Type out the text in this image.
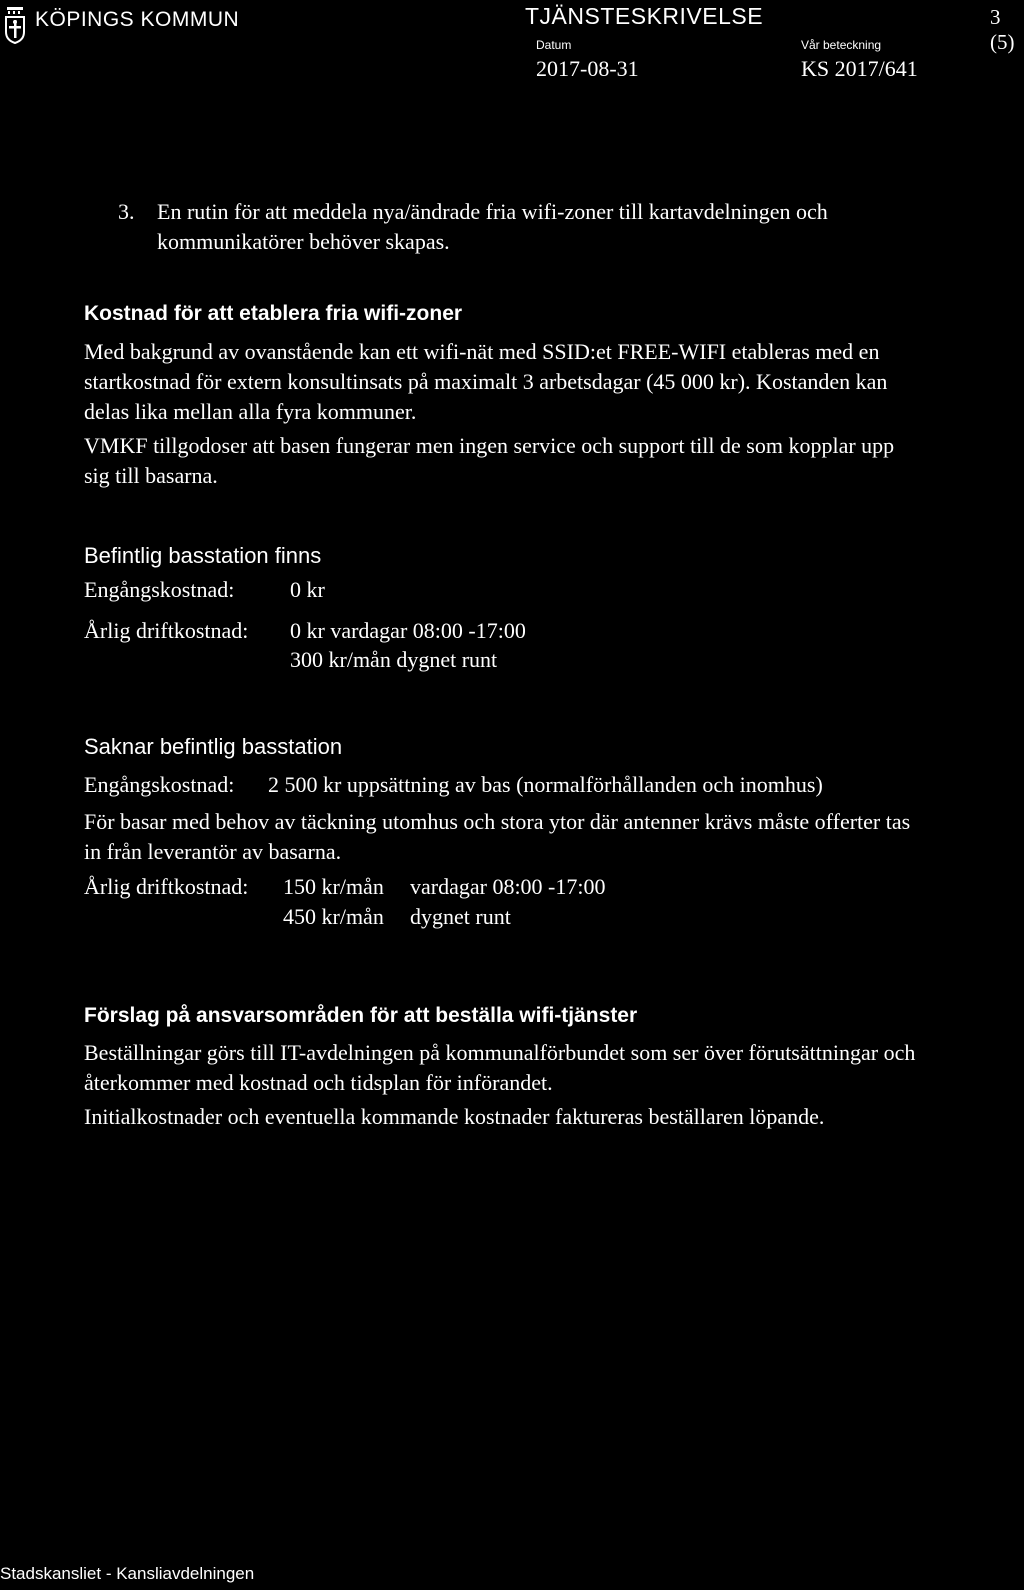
KÖPINGS KOMMUN	TJÄNSTESKRIVELSE	3 (5)
Datum
2017-08-31
Vår beteckning
KS 2017/641
3. En rutin för att meddela nya/ändrade fria wifi-zoner till kartavdelningen och kommunikatörer behöver skapas.
Kostnad för att etablera fria wifi-zoner

Med bakgrund av ovanstående kan ett wifi-nät med SSID:et FREE-WIFI etableras med en startkostnad för extern konsultinsats på maximalt 3 arbetsdagar (45 000 kr). Kostanden kan delas lika mellan alla fyra kommuner.

VMKF tillgodoser att basen fungerar men ingen service och support till de som kopplar upp sig till basarna.

Befintlig basstation finns
Engångskostnad:	0 kr
Årlig driftkostnad: 0 kr vardagar 08:00 -17:00
300 kr/mån dygnet runt
Saknar befintlig basstation
Engångskostnad: 2 500 kr uppsättning av bas (normalförhållanden och inomhus)

För basar med behov av täckning utomhus och stora ytor där antenner krävs måste offerter tas in från leverantör av basarna.

Årlig driftkostnad: 150 kr/mån vardagar 08:00 -17:00
450 kr/mån dygnet runt
Förslag på ansvarsområden för att beställa wifi-tjänster

Beställningar görs till IT-avdelningen på kommunalförbundet som ser över förutsättningar och återkommer med kostnad och tidsplan för införandet.

Initialkostnader och eventuella kommande kostnader faktureras beställaren löpande.

Stadskansliet - Kansliavdelningen
